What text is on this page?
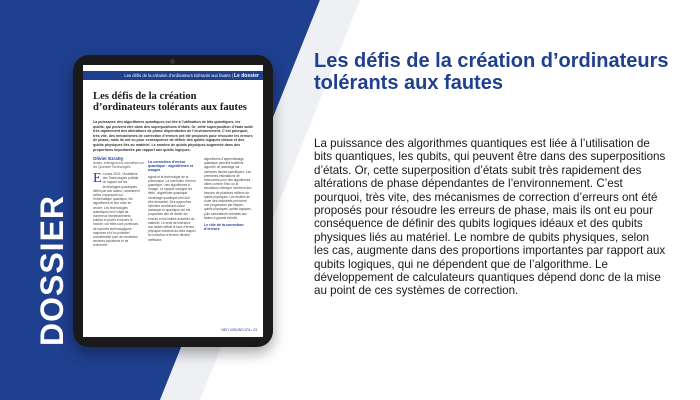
DOSSIER
Les défis de la création d’ordinateurs tolérants aux fautes | Le dossier
Les défis de la création d’ordinateurs tolérants aux fautes
La puissance des algorithmes quantiques est liée à l’utilisation de bits quantiques, les qubits, qui peuvent être dans des superpositions d’états. Or, cette superposition d’états subit très rapidement des altérations de phase dépendantes de l’environnement. C’est pourquoi, très vite, des mécanismes de correction d’erreurs ont été proposés pour résoudre les erreurs de phase, mais ils ont eu pour conséquence de définir des qubits logiques idéaux et des qubits physiques liés au matériel. Le nombre de qubits physiques augmente dans des proportions importantes par rapport aux qubits logiques.
Olivier Ezratty
Auteur, enseignant et consultant sur les Quantum Technologies
E n mars 2021, l’Académie des Technologies publiait un rapport sur les technologies quantiques défini par son auteur, notamment celles s’appuyant sur l’informatique quantique, les algorithmes et leur mise en œuvre. Les technologies quantiques font l’objet de nombreux investissements publics et privés à travers le monde, car elles sont porteuses de ruptures technologiques majeures et d’un potentiel considérable pour de nombreux secteurs industriels et de recherche.
La correction d’erreur quantique : algorithmes et usages
signal et la technologie de la photonique. La correction d’erreur quantique : des algorithmes à l’usage. Le rapport souligne les défis : algorithme quantique, l’avantage quantique réel doit être démontré. Des approches hybrides combinant calcul classique et quantique ont été proposées afin de limiter les erreurs et les limites actuelles du matériel. Le seuil de tolérance aux fautes définit le taux d’erreur physique maximal au-delà duquel la correction d’erreurs devient inefficace.
algorithmes d’apprentissage quantique peuvent toutefois apporter un avantage sur certaines tâches spécifiques. Les premières estimations de ressources pour des algorithmes utiles comme Shor ou la simulation chimique montrent des besoins de plusieurs millions de qubits physiques. Les feuilles de route des industriels prévoient une progression par étapes : qubits physiques, qubits logiques, puis calculateurs tolérants aux fautes à grande échelle.
Le rôle de la correction d’erreurs
NEO VISIONS N°6 • 23
Les défis de la création d’ordinateurs tolérants aux fautes

La puissance des algorithmes quantiques est liée à l’utilisation de bits quantiques, les qubits, qui peuvent être dans des superpositions d’états. Or, cette superposition d’états subit très rapidement des altérations de phase dépendantes de l’environnement. C’est pourquoi, très vite, des mécanismes de correction d’erreurs ont été proposés pour résoudre les erreurs de phase, mais ils ont eu pour conséquence de définir des qubits logiques idéaux et des qubits physiques liés au matériel. Le nombre de qubits physiques, selon les cas, augmente dans des proportions importantes par rapport aux qubits logiques, qui ne dépendent que de l’algorithme. Le développement de calculateurs quantiques dépend donc de la mise au point de ces systèmes de correction.
